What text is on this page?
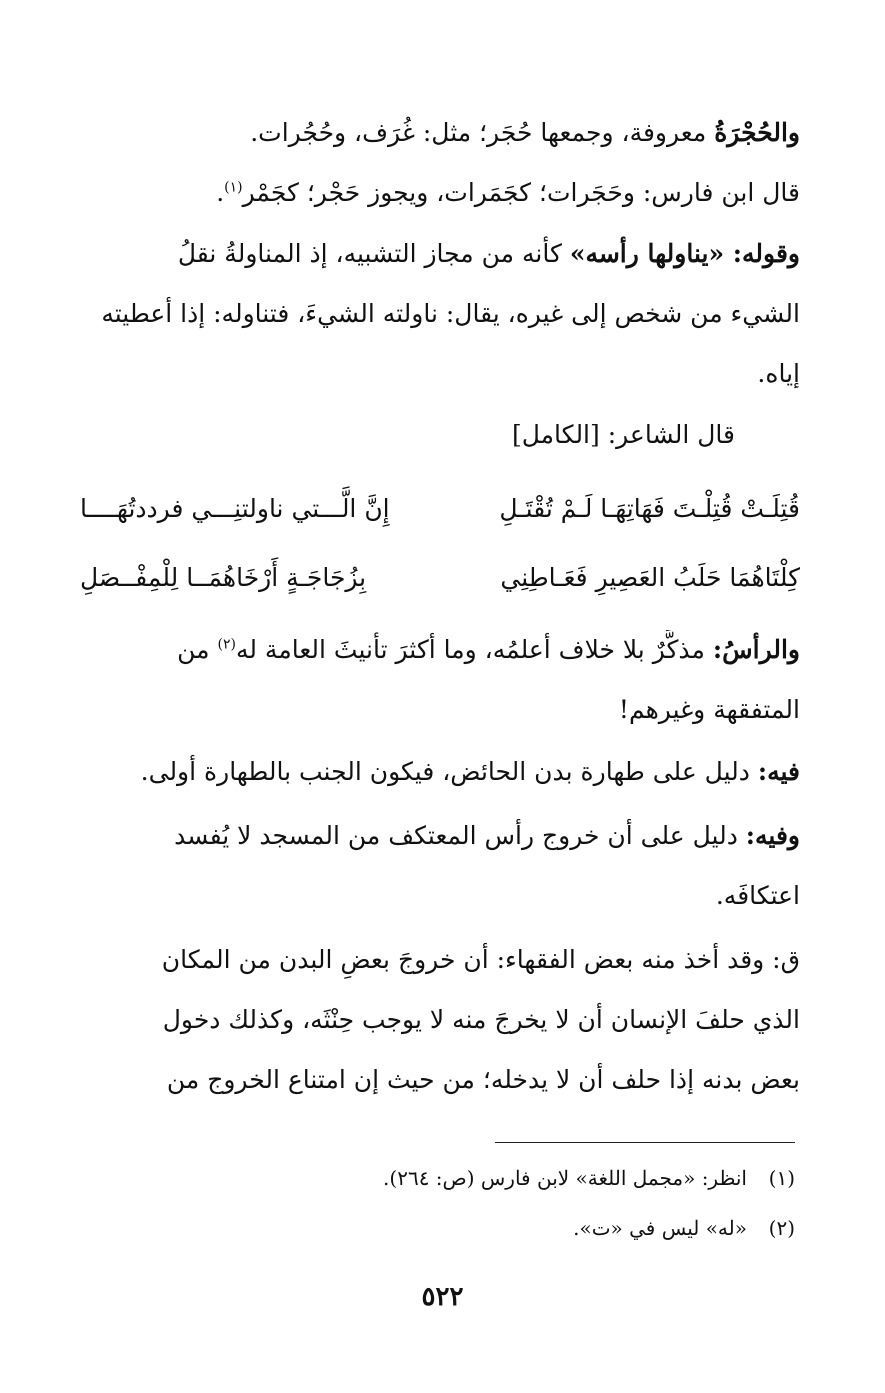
والحُجْرَةُ معروفة، وجمعها حُجَر؛ مثل: غُرَف، وحُجُرات.
قال ابن فارس: وحَجَرات؛ كجَمَرات، ويجوز حَجْر؛ كجَمْر$^{(١)}$.
وقوله: «يناولها رأسه» كأنه من مجاز التشبيه، إذ المناولةُ نقلُ
الشيء من شخص إلى غيره، يقال: ناولته الشيءَ، فتناوله: إذا أعطيته
إياه.
قال الشاعر: [الكامل]
قُتِلَـتْ قُتِلْـتَ فَهَاتِهَـا لَـمْ تُقْتَـلِ
إِنَّ الَّـــتي ناولتنِـــي فرددتُهَــــا
كِلْتَاهُمَا حَلَبُ العَصِيرِ فَعَـاطِنِي
بِزُجَاجَـةٍ أَرْخَاهُمَــا لِلْمِفْــصَلِ
والرأسُ: مذكَّرٌ بلا خلاف أعلمُه، وما أكثرَ تأنيثَ العامة له$^{(٢)}$ من
المتفقهة وغيرهم!
فيه: دليل على طهارة بدن الحائض، فيكون الجنب بالطهارة أولى.
وفيه: دليل على أن خروج رأس المعتكف من المسجد لا يُفسد
اعتكافَه.
ق: وقد أخذ منه بعض الفقهاء: أن خروجَ بعضِ البدن من المكان
الذي حلفَ الإنسان أن لا يخرجَ منه لا يوجب حِنْثَه، وكذلك دخول
بعض بدنه إذا حلف أن لا يدخله؛ من حيث إن امتناع الخروج من
(١)انظر: «مجمل اللغة» لابن فارس (ص: ٢٦٤).
(٢)«له» ليس في «ت».
٥٢٢
